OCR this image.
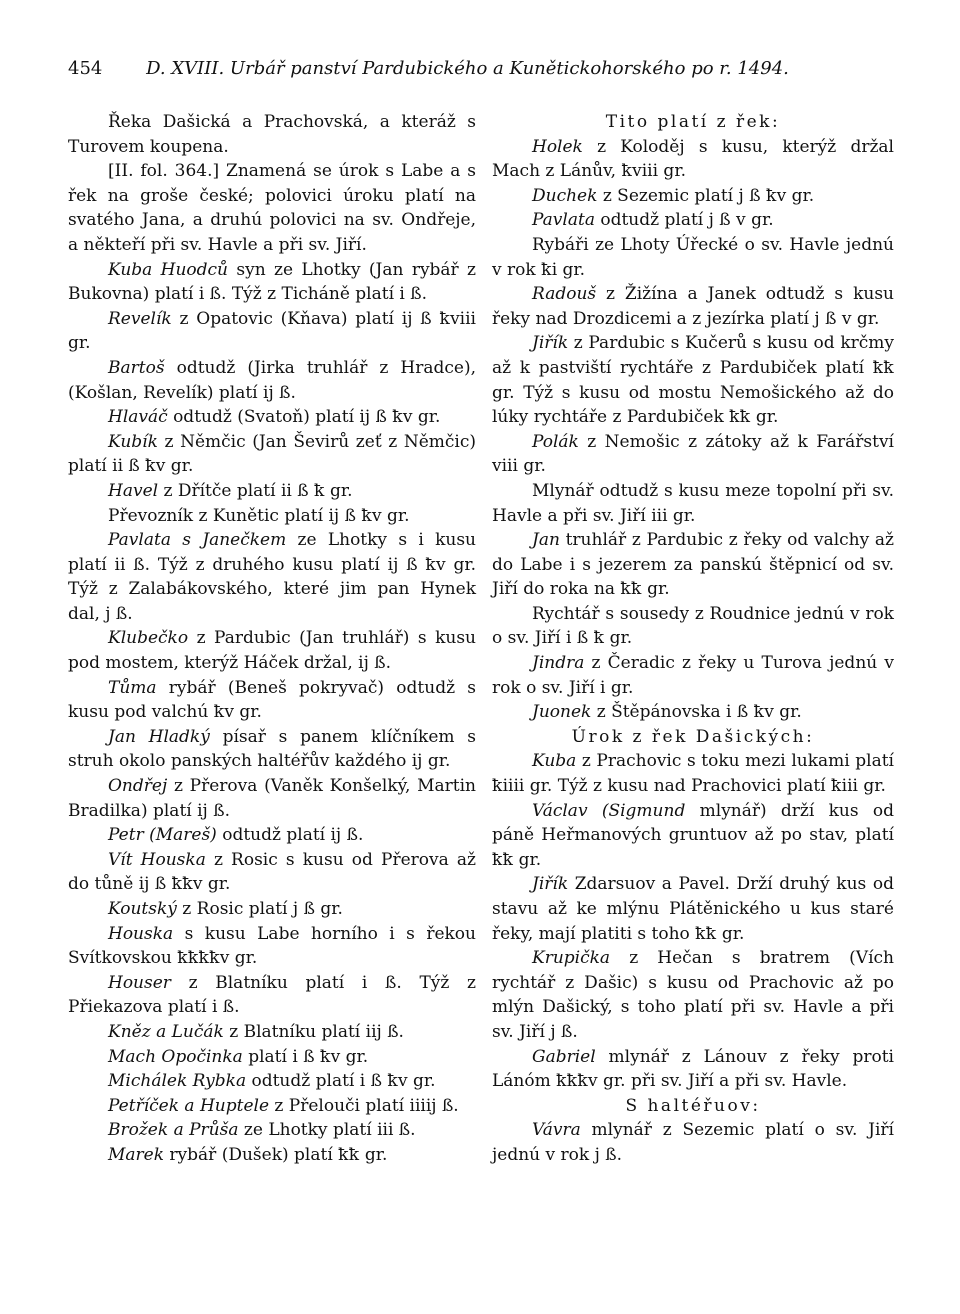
454 D. XVIII. Urbář panství Pardubického a Kunětickohorského po r. 1494.

Řeka Dašická a Prachovská, a kteráž s Turovem koupena.

[II. fol. 364.] Znamená se úrok s Labe a s řek na groše české; polovici úroku platí na svatého Jana, a druhú polovici na sv. Ondřeje, a někteří při sv. Havle a při sv. Jiří.

Kuba Huodců syn ze Lhotky (Jan rybář z Bukovna) platí i ß. Týž z Ticháně platí i ß.

Revelík z Opatovic (Kňava) platí ij ß ꝁviii gr.

Bartoš odtudž (Jirka truhlář z Hradce), (Košlan, Revelík) platí ij ß.

Hlaváč odtudž (Svatoň) platí ij ß ꝁv gr.

Kubík z Němčic (Jan Ševirů zeť z Němčic) platí ii ß ꝁv gr.

Havel z Dřítče platí ii ß ꝁ gr.

Převozník z Kunětic platí ij ß ꝁv gr.

Pavlata s Janečkem ze Lhotky s i kusu platí ii ß. Týž z druhého kusu platí ij ß ꝁv gr. Týž z Zalabákovského, které jim pan Hynek dal, j ß.

Klubečko z Pardubic (Jan truhlář) s kusu pod mostem, kterýž Háček držal, ij ß.

Tůma rybář (Beneš pokryvač) odtudž s kusu pod valchú ꝁv gr.

Jan Hladký písař s panem klíčníkem s struh okolo panských haltéřův každého ij gr.

Ondřej z Přerova (Vaněk Konšelký, Martin Bradilka) platí ij ß.

Petr (Mareš) odtudž platí ij ß.

Vít Houska z Rosic s kusu od Přerova až do tůně ij ß ꝁꝁv gr.

Koutský z Rosic platí j ß gr.

Houska s kusu Labe horního i s řekou Svítkovskou ꝁꝁꝁꝁv gr.

Houser z Blatníku platí i ß. Týž z Přiekazova platí i ß.

Kněz a Lučák z Blatníku platí iij ß.

Mach Opočinka platí i ß ꝁv gr.

Michálek Rybka odtudž platí i ß ꝁv gr.

Petříček a Huptele z Přelouči platí iiiij ß.

Brožek a Průša ze Lhotky platí iii ß.

Marek rybář (Dušek) platí ꝁꝁ gr.

Tito platí z řek:

Holek z Koloděj s kusu, kterýž držal Mach z Lánův, ꝁviii gr.

Duchek z Sezemic platí j ß ꝁv gr.

Pavlata odtudž platí j ß v gr.

Rybáři ze Lhoty Úřecké o sv. Havle jednú v rok ꝁi gr.

Radouš z Žižína a Janek odtudž s kusu řeky nad Drozdicemi a z jezírka platí j ß v gr.

Jiřík z Pardubic s Kučerů s kusu od krčmy až k pastviští rychtáře z Pardubiček platí ꝁꝁ gr. Týž s kusu od mostu Nemošického až do lúky rychtáře z Pardubiček ꝁꝁ gr.

Polák z Nemošic z zátoky až k Farářství viii gr.

Mlynář odtudž s kusu meze topolní při sv. Havle a při sv. Jiří iii gr.

Jan truhlář z Pardubic z řeky od valchy až do Labe i s jezerem za panskú štěpnicí od sv. Jiří do roka na ꝁꝁ gr.

Rychtář s sousedy z Roudnice jednú v rok o sv. Jiří i ß ꝁ gr.

Jindra z Čeradic z řeky u Turova jednú v rok o sv. Jiří i gr.

Juonek z Štěpánovska i ß ꝁv gr.

Úrok z řek Dašických:

Kuba z Prachovic s toku mezi lukami platí ꝁiiii gr. Týž z kusu nad Prachovici platí ꝁiii gr.

Václav (Sigmund mlynář) drží kus od páně Heřmanových gruntuov až po stav, platí ꝁꝁ gr.

Jiřík Zdarsuov a Pavel. Drží druhý kus od stavu až ke mlýnu Plátěnického u kus staré řeky, mají platiti s toho ꝁꝁ gr.

Krupička z Hečan s bratrem (Vích rychtář z Dašic) s kusu od Prachovic až po mlýn Dašický, s toho platí při sv. Havle a při sv. Jiří j ß.

Gabriel mlynář z Lánouv z řeky proti Lánóm ꝁꝁꝁv gr. při sv. Jiří a při sv. Havle.

S haltéřuov:

Vávra mlynář z Sezemic platí o sv. Jiří jednú v rok j ß.
